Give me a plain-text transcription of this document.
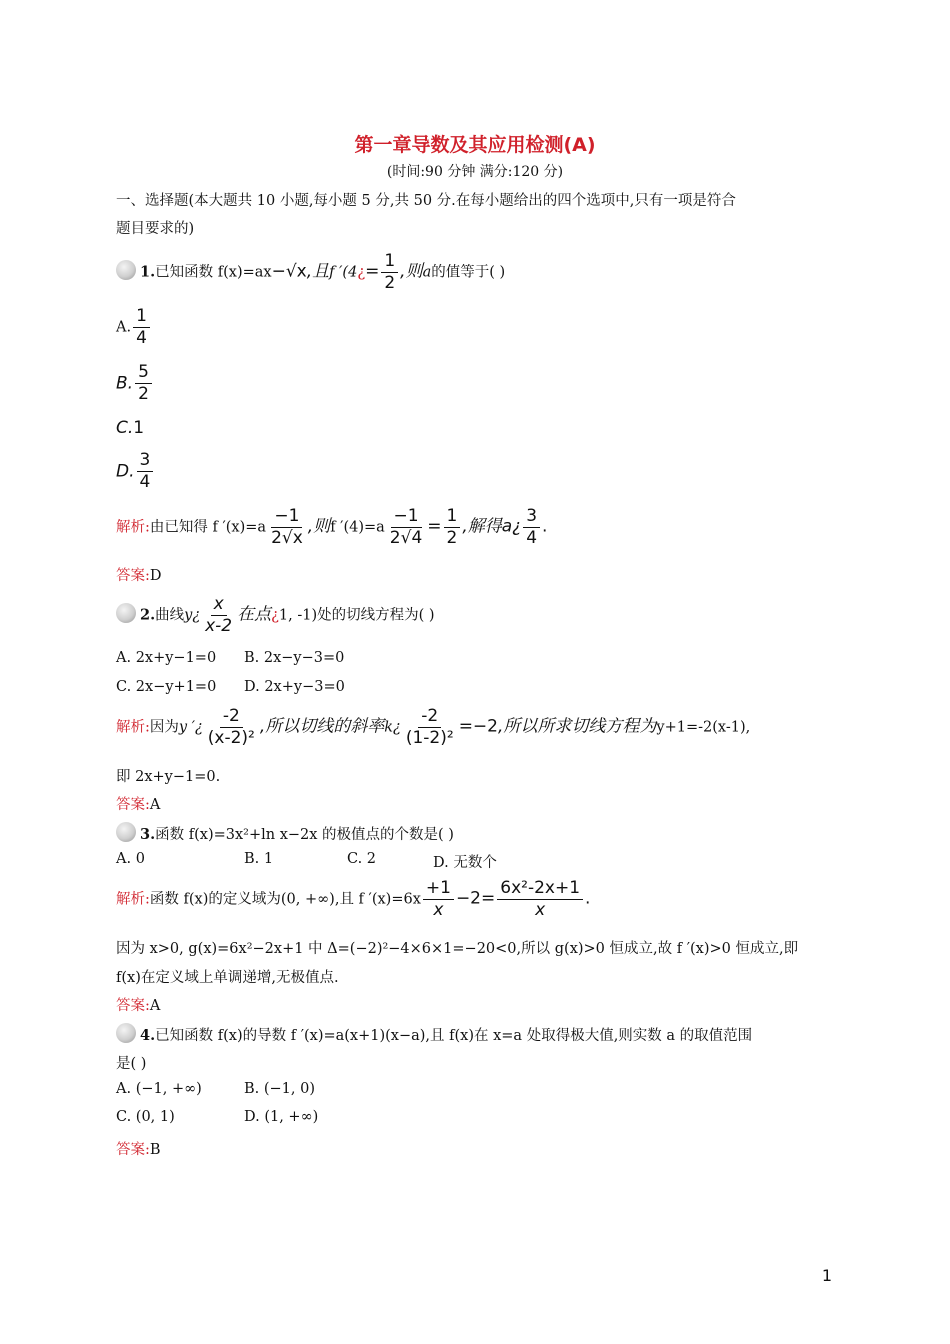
第一章导数及其应用检测(A)
(时间:90 分钟 满分:120 分)
一、选择题(本大题共 10 小题,每小题 5 分,共 50 分.在每小题给出的四个选项中,只有一项是符合
题目要求的)
1.已知函数 f(x)=ax−√x,且f ′(4¿= $\frac{1}{2}$ ,则a的值等于( )
A. $\frac{1}{4}$
B. $\frac{5}{2}$
C.1
D. $\frac{3}{4}$
解析:由已知得 f $'(x)=a \frac{-1}{2√x}$ ,则f $'(4)=a \frac{-1}{2√4} = \frac{1}{2}$ ,解得a¿ $\frac{3}{4}$ .
答案:D
2.曲线y¿ $\frac{x}{x-2}$ 在点¿1, -1)处的切线方程为( )
A. 2x+y−1=0 B. 2x−y−3=0
C. 2x−y+1=0 D. 2x+y−3=0
解析:因为y ′¿ $\frac{-2}{\text{(x-2)²}}$ ,所以切线的斜率k¿ $\frac{-2}{\text{(1-2)²}} =-2$,所以所求切线方程为y+1=-2(x-1),
即 2x+y−1=0.
答案:A
3.函数 f(x)=3x²+ln x−2x 的极值点的个数是( )
A. 0	B. 1	C. 2	D. 无数个
解析:函数 f(x)的定义域为(0, +∞),且 f $'(x)=6x \frac{+1}{x} -2= \frac{\text{6x²-2x+1}}{x}$ .
因为 x>0, g(x)=6x²−2x+1 中 Δ=(−2)²−4×6×1=−20<0,所以 g(x)>0 恒成立,故 f ′(x)>0 恒成立,即
f(x)在定义域上单调递增,无极值点.
答案:A
4.已知函数 f(x)的导数 f ′(x)=a(x+1)(x−a),且 f(x)在 x=a 处取得极大值,则实数 a 的取值范围
是( )
A. (−1, +∞)	B. (−1, 0)
C. (0, 1)	D. (1, +∞)
答案:B
1
